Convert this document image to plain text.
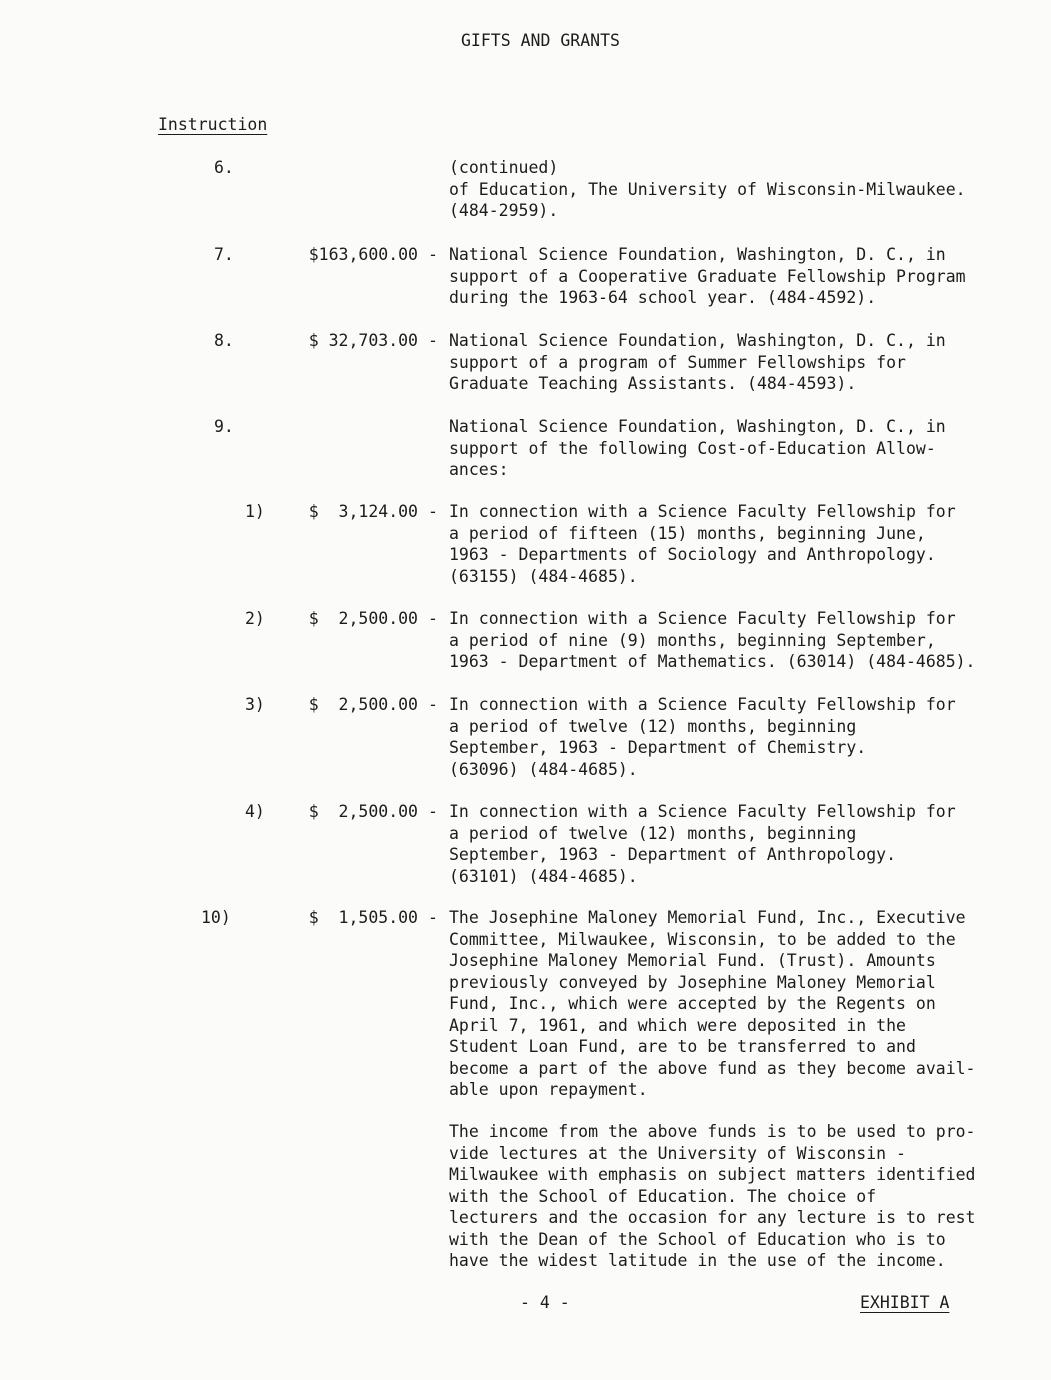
GIFTS AND GRANTS
Instruction
6.	(continued)
of Education, The University of Wisconsin-Milwaukee.
(484-2959).
7.	$163,600.00 - National Science Foundation, Washington, D. C., in
support of a Cooperative Graduate Fellowship Program
during the 1963-64 school year. (484-4592).
8.	$ 32,703.00 - National Science Foundation, Washington, D. C., in
support of a program of Summer Fellowships for
Graduate Teaching Assistants. (484-4593).
9.	National Science Foundation, Washington, D. C., in
support of the following Cost-of-Education Allow-
ances:
1)	$  3,124.00 - In connection with a Science Faculty Fellowship for
a period of fifteen (15) months, beginning June,
1963 - Departments of Sociology and Anthropology.
(63155) (484-4685).
2)	$  2,500.00 - In connection with a Science Faculty Fellowship for
a period of nine (9) months, beginning September,
1963 - Department of Mathematics. (63014) (484-4685).
3)	$  2,500.00 - In connection with a Science Faculty Fellowship for
a period of twelve (12) months, beginning
September, 1963 - Department of Chemistry.
(63096) (484-4685).
4)	$  2,500.00 - In connection with a Science Faculty Fellowship for
a period of twelve (12) months, beginning
September, 1963 - Department of Anthropology.
(63101) (484-4685).
10)	$  1,505.00 - The Josephine Maloney Memorial Fund, Inc., Executive
Committee, Milwaukee, Wisconsin, to be added to the
Josephine Maloney Memorial Fund. (Trust). Amounts
previously conveyed by Josephine Maloney Memorial
Fund, Inc., which were accepted by the Regents on
April 7, 1961, and which were deposited in the
Student Loan Fund, are to be transferred to and
become a part of the above fund as they become avail-
able upon repayment.
The income from the above funds is to be used to pro-
vide lectures at the University of Wisconsin -
Milwaukee with emphasis on subject matters identified
with the School of Education. The choice of
lecturers and the occasion for any lecture is to rest
with the Dean of the School of Education who is to
have the widest latitude in the use of the income.
- 4 -	EXHIBIT A
